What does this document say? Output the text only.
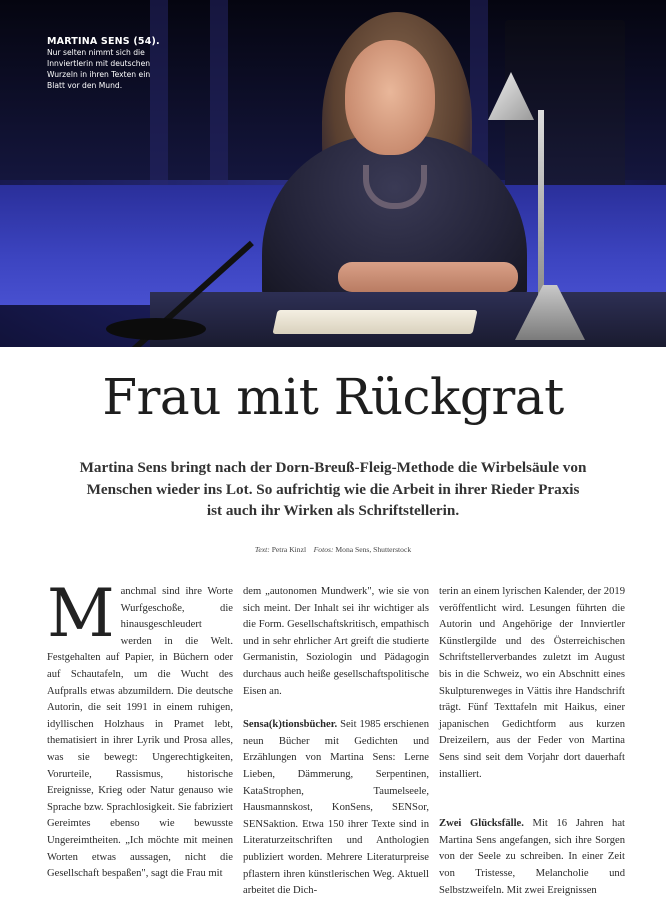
MARTINA SENS (54).
Nur selten nimmt sich die Innviertlerin mit deutschen Wurzeln in ihren Texten ein Blatt vor den Mund.
Frau mit Rückgrat

Martina Sens bringt nach der Dorn-Breuß-Fleig-Methode die Wirbelsäule von Menschen wieder ins Lot. So aufrichtig wie die Arbeit in ihrer Rieder Praxis ist auch ihr Wirken als Schriftstellerin.

Text: Petra Kinzl Fotos: Mona Sens, Shutterstock
M anchmal sind ihre Worte Wurfgeschoße, die hinausgeschleudert werden in die Welt. Festgehalten auf Papier, in Büchern oder auf Schautafeln, um die Wucht des Aufpralls etwas abzumildern. Die deutsche Autorin, die seit 1991 in einem ruhigen, idyllischen Holzhaus in Pramet lebt, thematisiert in ihrer Lyrik und Prosa alles, was sie bewegt: Ungerechtigkeiten, Vorurteile, Rassismus, historische Ereignisse, Krieg oder Natur genauso wie Sprache bzw. Sprachlosigkeit. Sie fabriziert Gereimtes ebenso wie bewusste Ungereimtheiten. „Ich möchte mit meinen Worten etwas aussagen, nicht die Gesellschaft bespaßen", sagt die Frau mit

dem „autonomen Mundwerk", wie sie von sich meint. Der Inhalt sei ihr wichtiger als die Form. Gesellschaftskritisch, empathisch und in sehr ehrlicher Art greift die studierte Germanistin, Soziologin und Pädagogin durchaus auch heiße gesellschaftspolitische Eisen an.

Sensa(k)tionsbücher. Seit 1985 erschienen neun Bücher mit Gedichten und Erzählungen von Martina Sens: Lerne Lieben, Dämmerung, Serpentinen, KataStrophen, Taumelseele, Hausmannskost, KonSens, SENSor, SENSaktion. Etwa 150 ihrer Texte sind in Literaturzeitschriften und Anthologien publiziert worden. Mehrere Literaturpreise pflastern ihren künstlerischen Weg. Aktuell arbeitet die Dich-

terin an einem lyrischen Kalender, der 2019 veröffentlicht wird. Lesungen führten die Autorin und Angehörige der Innviertler Künstlergilde und des Österreichischen Schriftstellerverbandes zuletzt im August bis in die Schweiz, wo ein Abschnitt eines Skulpturenweges in Vättis ihre Handschrift trägt. Fünf Texttafeln mit Haikus, einer japanischen Gedichtform aus kurzen Dreizeilern, aus der Feder von Martina Sens sind seit dem Vorjahr dort dauerhaft installiert.

Zwei Glücksfälle. Mit 16 Jahren hat Martina Sens angefangen, sich ihre Sorgen von der Seele zu schreiben. In einer Zeit von Tristesse, Melancholie und Selbstzweifeln. Mit zwei Ereignissen
